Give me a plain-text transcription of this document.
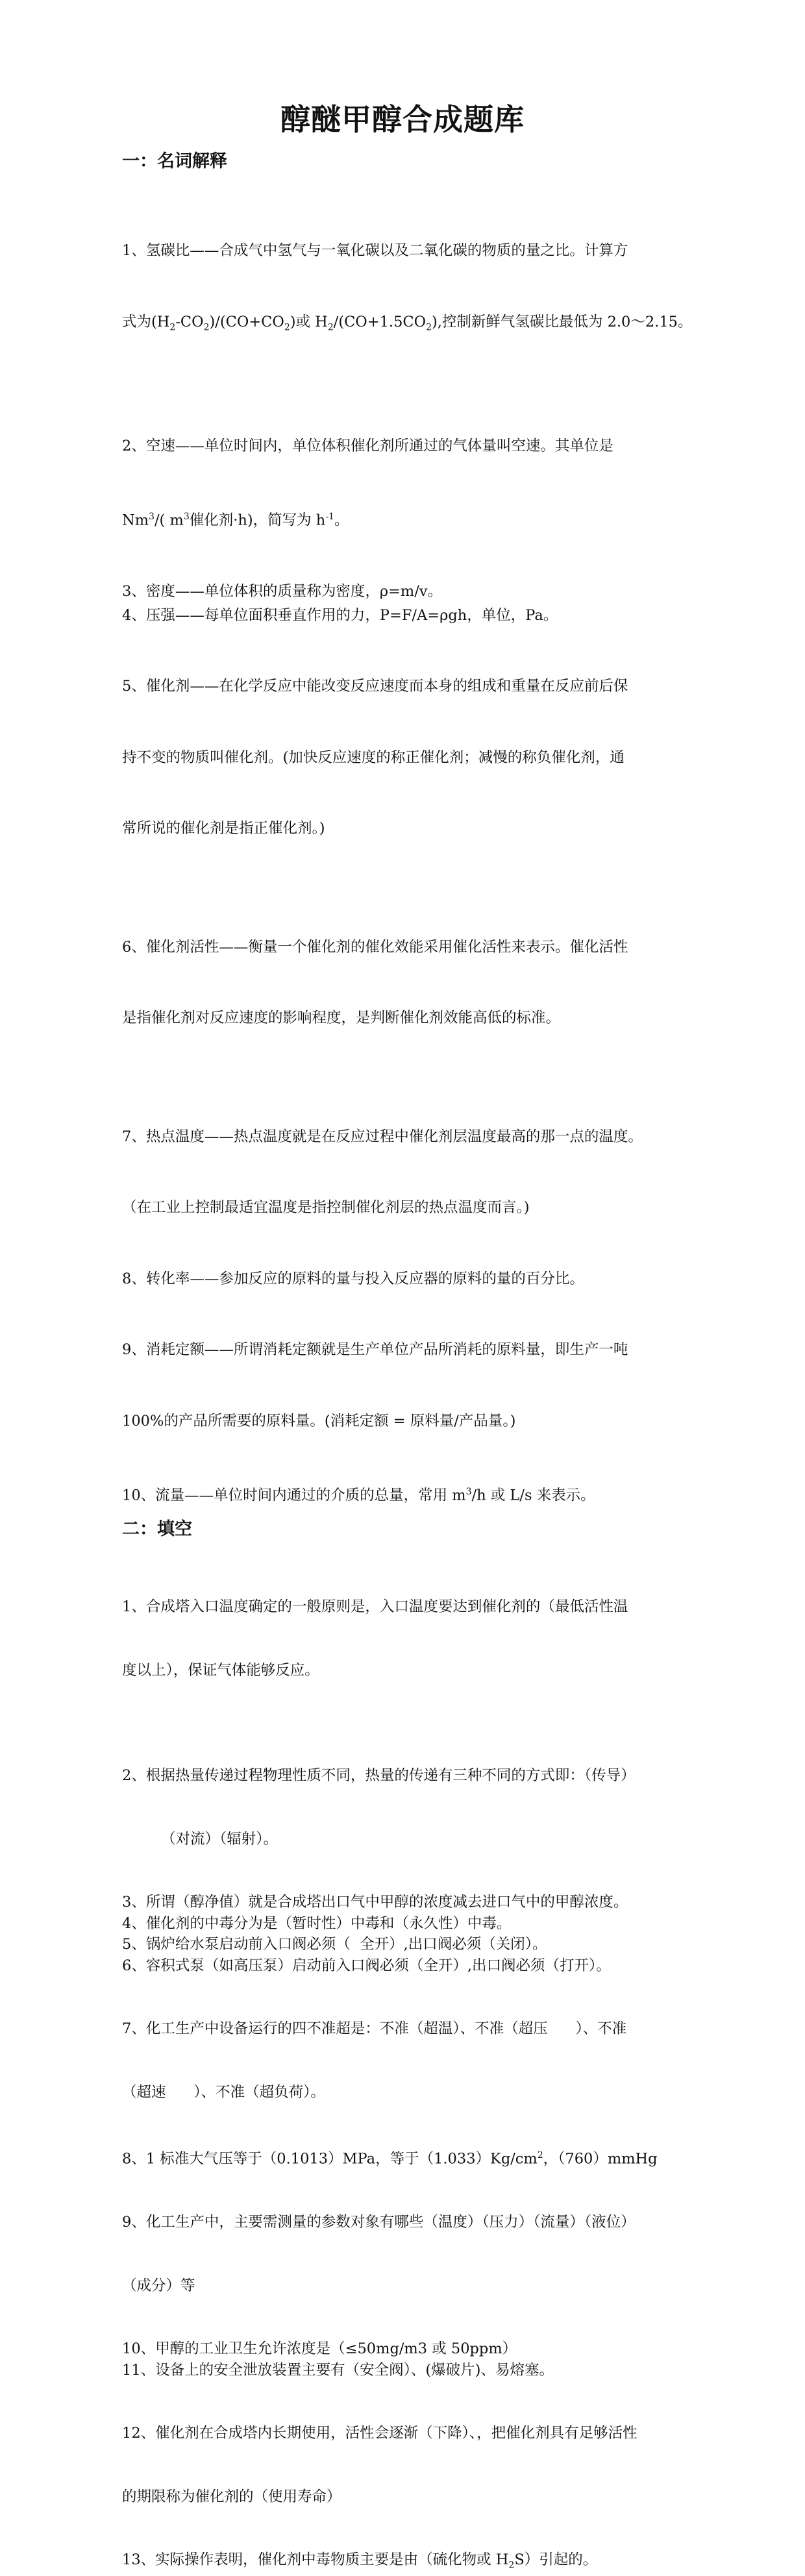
醇醚甲醇合成题库
一：名词解释

1、氢碳比——合成气中氢气与一氧化碳以及二氧化碳的物质的量之比。计算方

式为$(H_2-CO_2)/(CO+CO_2)$或 $H_2/(CO+1.5CO_2)$,控制新鲜气氢碳比最低为 2.0～2.15。

2、空速——单位时间内，单位体积催化剂所通过的气体量叫空速。其单位是

Nm$^3$/( $m^3$催化剂·h)，简写为 $h^{-1}$。

3、密度——单位体积的质量称为密度，ρ=m/v。
4、压强——每单位面积垂直作用的力，P=F/A=ρgh，单位，Pa。

5、催化剂——在化学反应中能改变反应速度而本身的组成和重量在反应前后保

持不变的物质叫催化剂。(加快反应速度的称正催化剂；减慢的称负催化剂，通

常所说的催化剂是指正催化剂。)

6、催化剂活性——衡量一个催化剂的催化效能采用催化活性来表示。催化活性

是指催化剂对反应速度的影响程度，是判断催化剂效能高低的标准。

7、热点温度——热点温度就是在反应过程中催化剂层温度最高的那一点的温度。

（在工业上控制最适宜温度是指控制催化剂层的热点温度而言。)

8、转化率——参加反应的原料的量与投入反应器的原料的量的百分比。

9、消耗定额——所谓消耗定额就是生产单位产品所消耗的原料量，即生产一吨

100%的产品所需要的原料量。(消耗定额 = 原料量/产品量。)

10、流量——单位时间内通过的介质的总量，常用 $m^3/h$ 或 L/s 来表示。
二：填空

1、合成塔入口温度确定的一般原则是，入口温度要达到催化剂的（最低活性温

度以上），保证气体能够反应。

2、根据热量传递过程物理性质不同，热量的传递有三种不同的方式即：（传导）

（对流）（辐射）。

3、所谓（醇净值）就是合成塔出口气中甲醇的浓度减去进口气中的甲醇浓度。
4、催化剂的中毒分为是（暂时性）中毒和（永久性）中毒。
5、锅炉给水泵启动前入口阀必须（  全开）,出口阀必须（关闭）。
6、容积式泵（如高压泵）启动前入口阀必须（全开）,出口阀必须（打开）。

7、化工生产中设备运行的四不准超是：不准（超温）、不准（超压      ）、不准

（超速      ）、不准（超负荷）。

8、1 标准大气压等于（0.1013）MPa，等于$(1.033)Kg/cm^2$，（760）mmHg

9、化工生产中，主要需测量的参数对象有哪些（温度）（压力）（流量）（液位）

（成分）等

10、甲醇的工业卫生允许浓度是（≤50mg/m3 或 50ppm）
11、设备上的安全泄放装置主要有（安全阀）、(爆破片)、易熔塞。

12、催化剂在合成塔内长期使用，活性会逐渐（下降）、，把催化剂具有足够活性

的期限称为催化剂的（使用寿命）

13、实际操作表明，催化剂中毒物质主要是由（硫化物或 $H_2S$）引起的。
